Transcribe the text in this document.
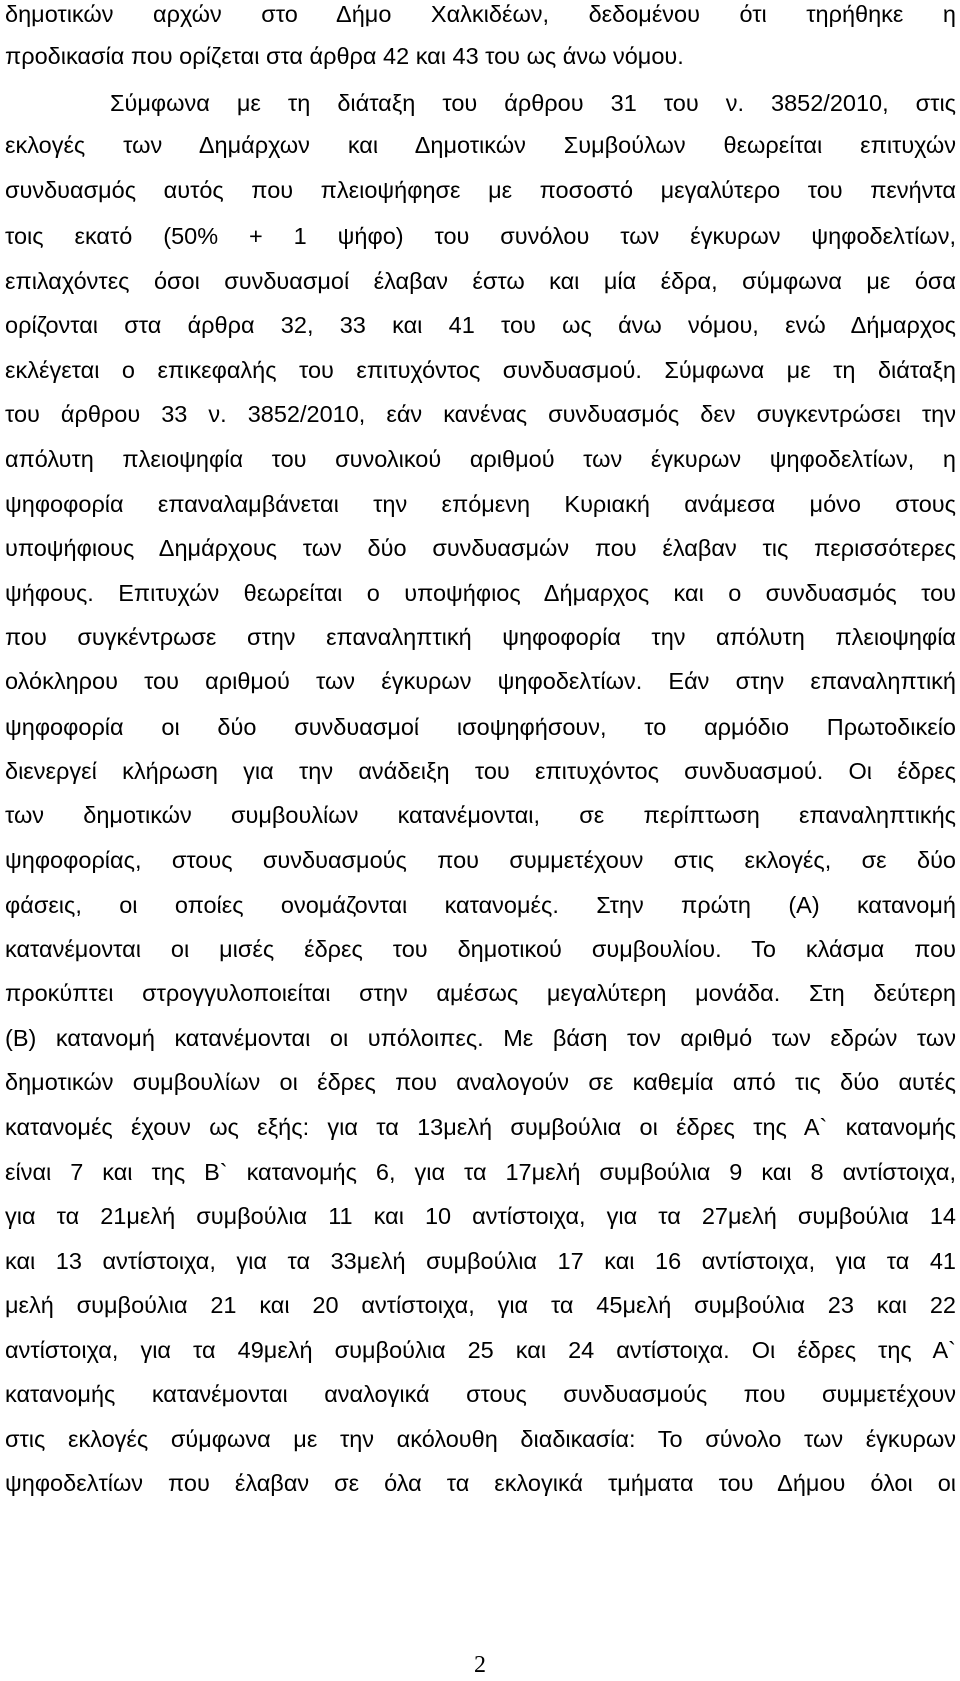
δημοτικών αρχών στο Δήμο Χαλκιδέων, δεδομένου ότι τηρήθηκε η
προδικασία που ορίζεται στα άρθρα 42 και 43 του ως άνω νόμου.
Σύμφωνα με τη διάταξη του άρθρου 31 του ν. 3852/2010, στις
εκλογές των Δημάρχων και Δημοτικών Συμβούλων θεωρείται επιτυχών
συνδυασμός αυτός που πλειοψήφησε με ποσοστό μεγαλύτερο του πενήντα
τοις εκατό (50% + 1 ψήφο) του συνόλου των έγκυρων ψηφοδελτίων,
επιλαχόντες όσοι συνδυασμοί έλαβαν έστω και μία έδρα, σύμφωνα με όσα
ορίζονται στα άρθρα 32, 33 και 41 του ως άνω νόμου, ενώ Δήμαρχος
εκλέγεται ο επικεφαλής του επιτυχόντος συνδυασμού. Σύμφωνα με τη διάταξη
του άρθρου 33 ν. 3852/2010, εάν κανένας συνδυασμός δεν συγκεντρώσει την
απόλυτη πλειοψηφία του συνολικού αριθμού των έγκυρων ψηφοδελτίων, η
ψηφοφορία επαναλαμβάνεται την επόμενη Κυριακή ανάμεσα μόνο στους
υποψήφιους Δημάρχους των δύο συνδυασμών που έλαβαν τις περισσότερες
ψήφους. Επιτυχών θεωρείται ο υποψήφιος Δήμαρχος και ο συνδυασμός του
που συγκέντρωσε στην επαναληπτική ψηφοφορία την απόλυτη πλειοψηφία
ολόκληρου του αριθμού των έγκυρων ψηφοδελτίων. Εάν στην επαναληπτική
ψηφοφορία οι δύο συνδυασμοί ισοψηφήσουν, το αρμόδιο Πρωτοδικείο
διενεργεί κλήρωση για την ανάδειξη του επιτυχόντος συνδυασμού. Οι έδρες
των δημοτικών συμβουλίων κατανέμονται, σε περίπτωση επαναληπτικής
ψηφοφορίας, στους συνδυασμούς που συμμετέχουν στις εκλογές, σε δύο
φάσεις, οι οποίες ονομάζονται κατανομές. Στην πρώτη (Α) κατανομή
κατανέμονται οι μισές έδρες του δημοτικού συμβουλίου. Το κλάσμα που
προκύπτει στρογγυλοποιείται στην αμέσως μεγαλύτερη μονάδα. Στη δεύτερη
(Β) κατανομή κατανέμονται οι υπόλοιπες. Με βάση τον αριθμό των εδρών των
δημοτικών συμβουλίων οι έδρες που αναλογούν σε καθεμία από τις δύο αυτές
κατανομές έχουν ως εξής: για τα 13μελή συμβούλια οι έδρες της Α` κατανομής
είναι 7 και της Β` κατανομής 6, για τα 17μελή συμβούλια 9 και 8 αντίστοιχα,
για τα 21μελή συμβούλια 11 και 10 αντίστοιχα, για τα 27μελή συμβούλια 14
και 13 αντίστοιχα, για τα 33μελή συμβούλια 17 και 16 αντίστοιχα, για τα 41
μελή συμβούλια 21 και 20 αντίστοιχα, για τα 45μελή συμβούλια 23 και 22
αντίστοιχα, για τα 49μελή συμβούλια 25 και 24 αντίστοιχα. Οι έδρες της Α`
κατανομής κατανέμονται αναλογικά στους συνδυασμούς που συμμετέχουν
στις εκλογές σύμφωνα με την ακόλουθη διαδικασία: Το σύνολο των έγκυρων
ψηφοδελτίων που έλαβαν σε όλα τα εκλογικά τμήματα του Δήμου όλοι οι
2
